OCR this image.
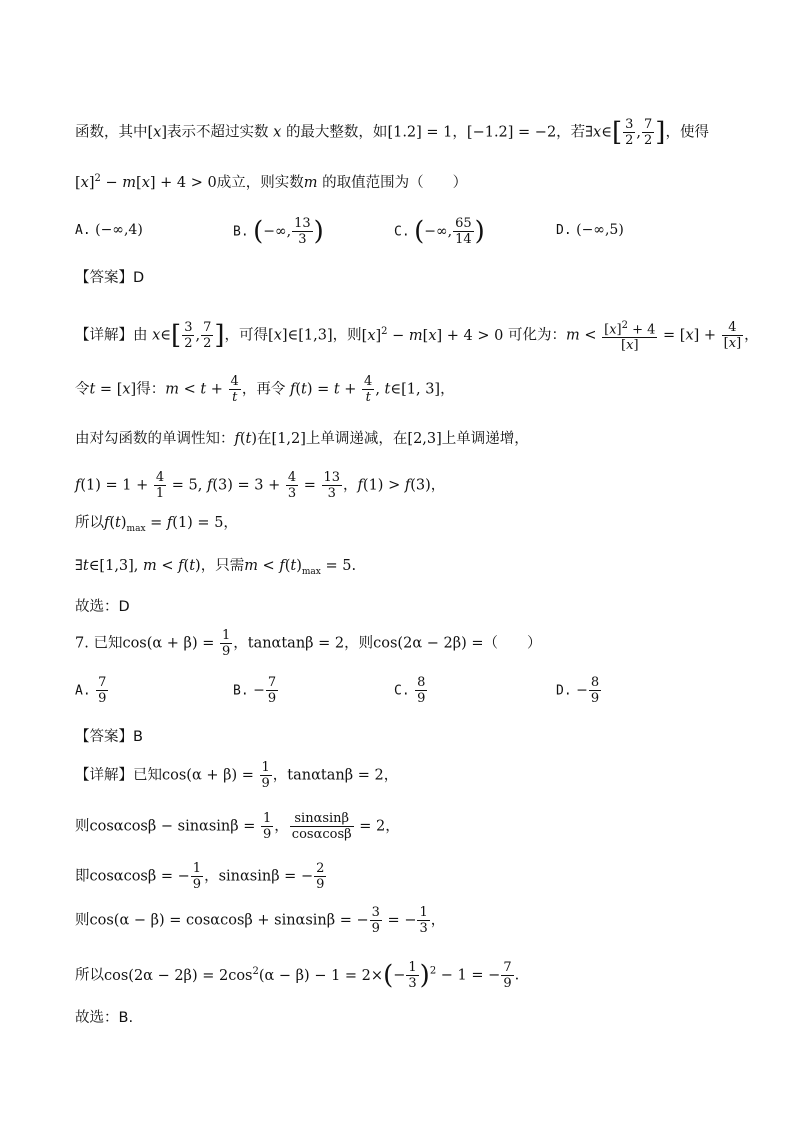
函数，其中[x]表示不超过实数 x 的最大整数，如[1.2] = 1，[−1.2] = −2，若∃x∈[ $\frac{3}{2}$ , $\frac{7}{2}$ ]，使得
$[x]^2 - m[x] + 4 > 0$成立，则实数m 的取值范围为（　　）
A. (−∞,4)	B. (−∞, $\frac{13}{3}$ )	C. (−∞, $\frac{65}{14}$ )	D. (−∞,5)
【答案】D
【详解】由 x∈[ $\frac{3}{2}$ , $\frac{7}{2}$ ]，可得[x]∈[1,3]，则$[x]^2 - m[x] + 4 > 0$ 可化为：$m < \frac{[x]^2 + 4}{[x]} = [x] + \frac{4}{[x]}$ ，
令t = [x]得：$m < t + \frac{4}{t}$ ，再令 $f(t) = t + \frac{4}{t}$ , t∈[1, 3]，
由对勾函数的单调性知：f(t)在[1,2]上单调递减，在[2,3]上单调递增，
$f(1) = 1 + \frac{4}{1} = 5$, $f(3) = 3 + \frac{4}{3} = \frac{13}{3}$ ，f(1) > f(3)，
所以$f(t)_{max} = f(1) = 5$，
∃t∈[1,3], m < f(t)，只需$m < f(t)_{max} = 5$.
故选：D
7. 已知$\cos(\alpha + \beta) = \frac{1}{9}$ ，tanαtanβ = 2，则cos(2α − 2β) =（　　）
A. $\frac{7}{9}$	B. − $\frac{7}{9}$	C. $\frac{8}{9}$	D. − $\frac{8}{9}$
【答案】B
【详解】已知$\cos(\alpha + \beta) = \frac{1}{9}$ ，tanαtanβ = 2，
则$\cos\alpha\cos\beta - \sin\alpha\sin\beta = \frac{1}{9}$ ， $\frac{\sin\alpha\sin\beta}{\cos\alpha\cos\beta} = 2$，
即cosαcosβ = − $\frac{1}{9}$ ，sinαsinβ = − $\frac{2}{9}$
则cos(α − β) = cosαcosβ + sinαsinβ = − $\frac{3}{9}$ = − $\frac{1}{3}$ ，
所以$\cos(2\alpha - 2\beta) = 2\cos^2(\alpha - \beta) - 1 = 2\times(- \frac{1}{3} )^2 - 1$ = − $\frac{7}{9}$ .
故选：B.
